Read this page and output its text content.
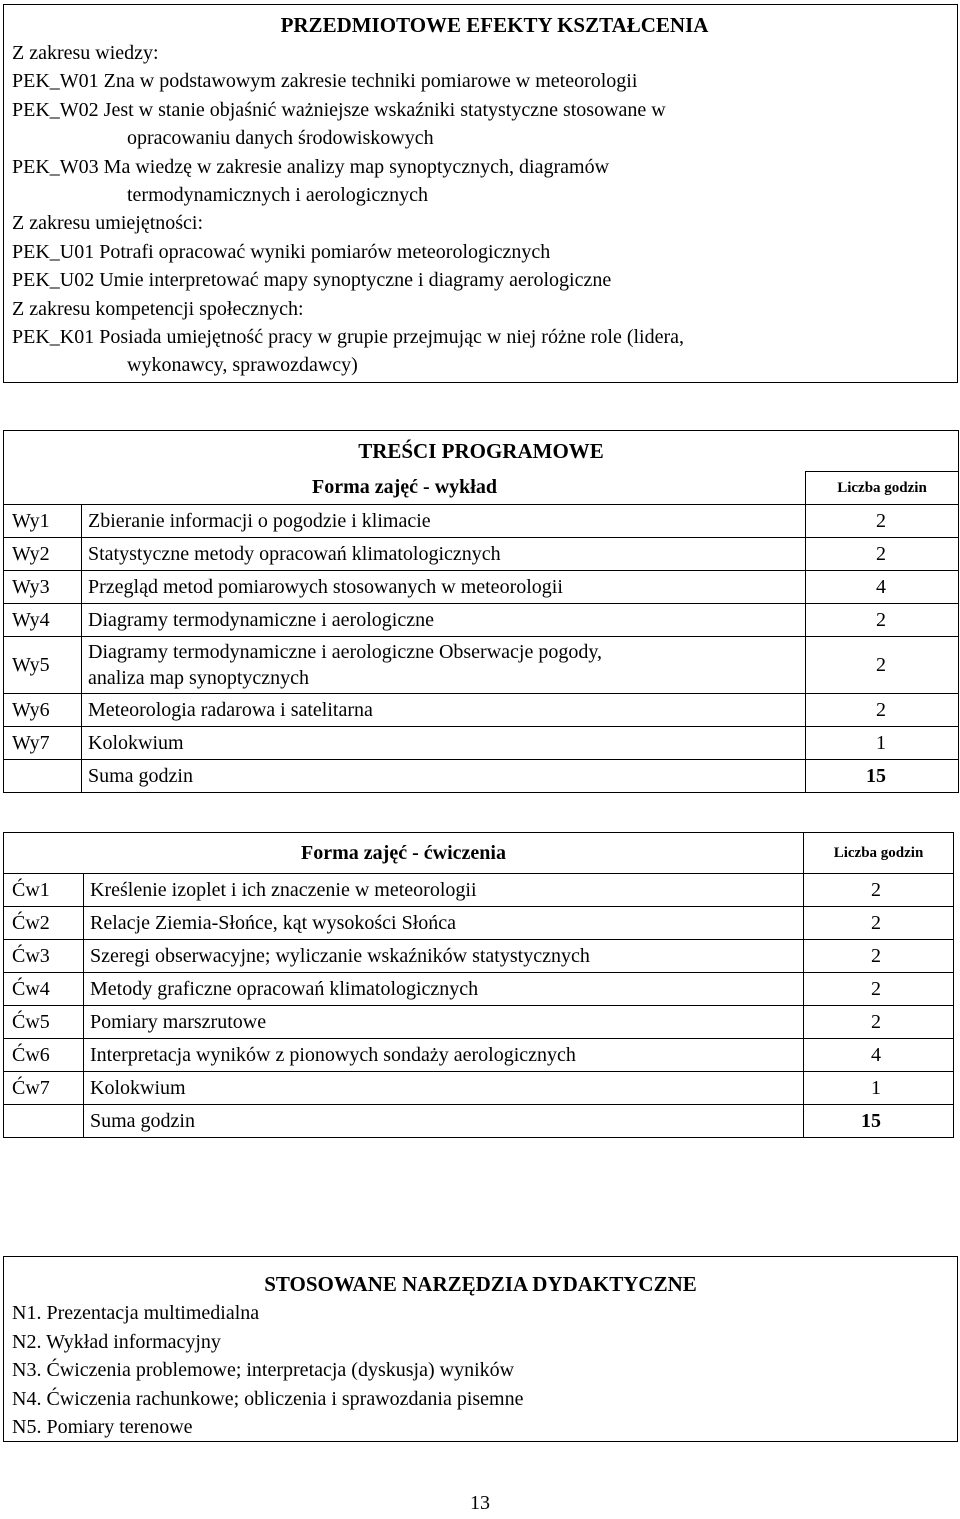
PRZEDMIOTOWE EFEKTY KSZTAŁCENIA
Z zakresu wiedzy:
PEK_W01 Zna w podstawowym zakresie techniki pomiarowe w meteorologii
PEK_W02 Jest w stanie objaśnić ważniejsze wskaźniki statystyczne stosowane w
opracowaniu danych środowiskowych
PEK_W03 Ma wiedzę w zakresie analizy map synoptycznych, diagramów
termodynamicznych i aerologicznych
Z zakresu umiejętności:
PEK_U01 Potrafi opracować wyniki pomiarów meteorologicznych
PEK_U02 Umie interpretować mapy synoptyczne i diagramy aerologiczne
Z zakresu kompetencji społecznych:
PEK_K01 Posiada umiejętność pracy w grupie przejmując w niej różne role (lidera,
wykonawcy, sprawozdawcy)
TREŚCI PROGRAMOWE		
Forma zajęć - wykład		Liczba godzin
Wy1	Zbieranie informacji o pogodzie i klimacie	2
Wy2	Statystyczne metody opracowań klimatologicznych	2
Wy3	Przegląd metod pomiarowych stosowanych w meteorologii	4
Wy4	Diagramy termodynamiczne i aerologiczne	2
Wy5	Diagramy termodynamiczne i aerologiczne Obserwacje pogody,
analiza map synoptycznych	2
Wy6	Meteorologia radarowa i satelitarna	2
Wy7	Kolokwium	1
	Suma godzin	15
Forma zajęć - ćwiczenia		Liczba godzin
Ćw1	Kreślenie izoplet i ich znaczenie w meteorologii	2
Ćw2	Relacje Ziemia-Słońce, kąt wysokości Słońca	2
Ćw3	Szeregi obserwacyjne; wyliczanie wskaźników statystycznych	2
Ćw4	Metody graficzne opracowań klimatologicznych	2
Ćw5	Pomiary marszrutowe	2
Ćw6	Interpretacja wyników z pionowych sondaży aerologicznych	4
Ćw7	Kolokwium	1
	Suma godzin	15
STOSOWANE NARZĘDZIA DYDAKTYCZNE
N1. Prezentacja multimedialna
N2. Wykład informacyjny
N3. Ćwiczenia problemowe; interpretacja (dyskusja) wyników
N4. Ćwiczenia rachunkowe; obliczenia i sprawozdania pisemne
N5. Pomiary terenowe
13
